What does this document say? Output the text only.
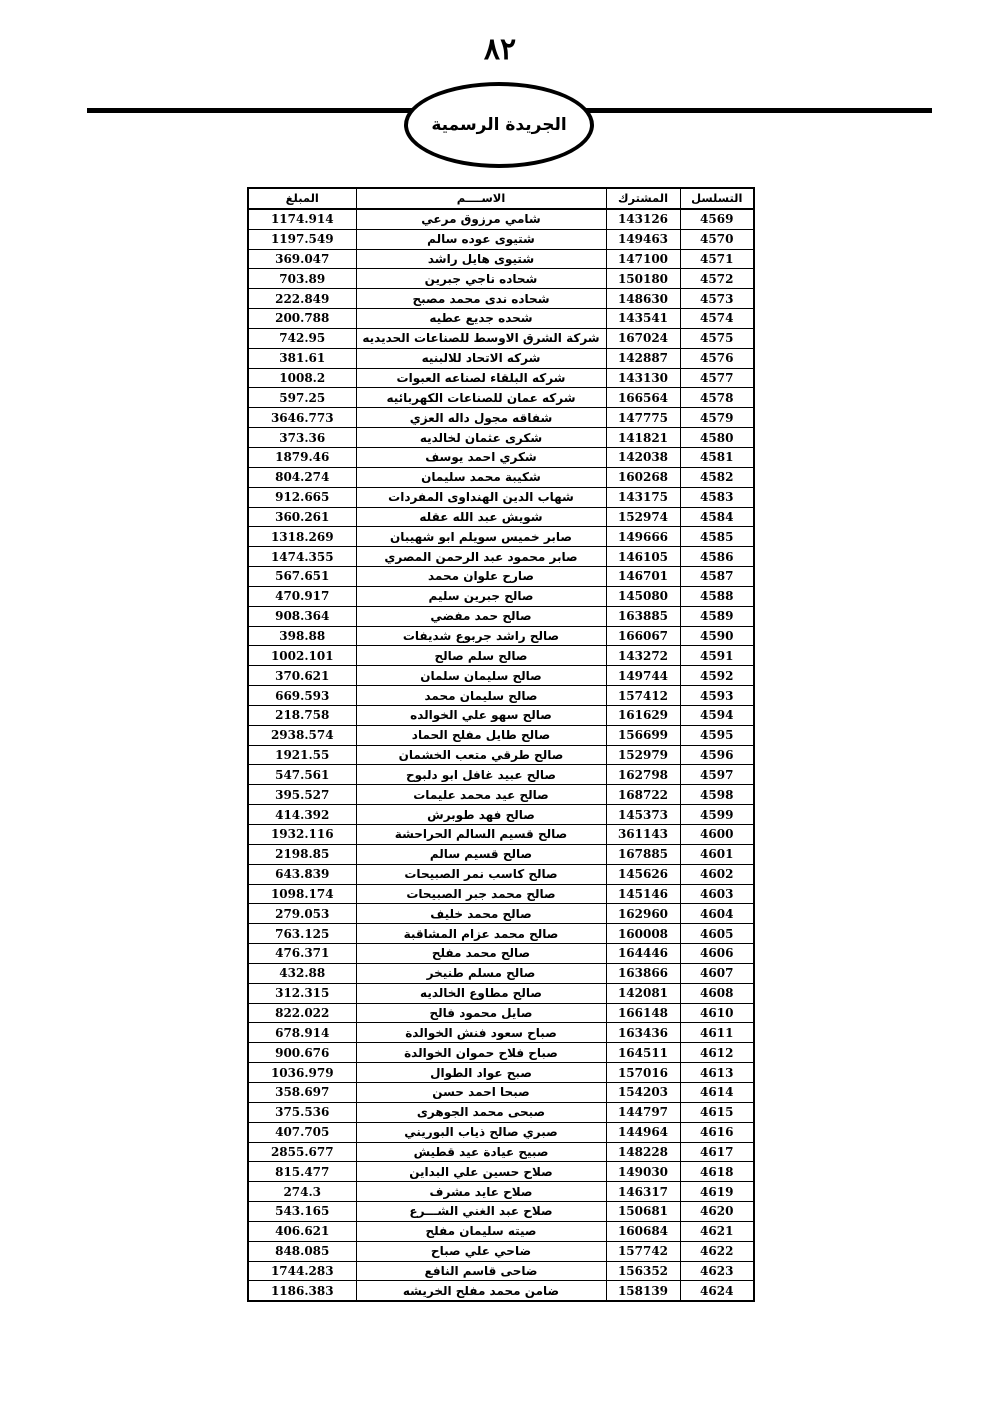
٨٢
الجريدة الرسمية
المبلغ	الاســــم	المشترك	التسلسل
1174.914	شامي مرزوق مرعي	143126	4569
1197.549	شتيوى عوده سالم	149463	4570
369.047	شتيوى هايل راشد	147100	4571
703.89	شحاده ناجي جبرين	150180	4572
222.849	شحاده ندى محمد مصبح	148630	4573
200.788	شحده جديع عطيه	143541	4574
742.95	شركة الشرق الاوسط للصناعات الحديديه	167024	4575
381.61	شركه الاتحاد للالبنيه	142887	4576
1008.2	شركه البلقاء لصناعه العبوات	143130	4577
597.25	شركه عمان للصناعات الكهربائيه	166564	4578
3646.773	شفاقه مجول داله العزي	147775	4579
373.36	شكرى عثمان لخالديه	141821	4580
1879.46	شكري احمد يوسف	142038	4581
804.274	شكيبة محمد سليمان	160268	4582
912.665	شهاب الدين الهنداوى المفردات	143175	4583
360.261	شويش عبد الله عقله	152974	4584
1318.269	صابر خميس سويلم ابو شهيبان	149666	4585
1474.355	صابر محمود عبد الرحمن المصري	146105	4586
567.651	صارح علوان محمد	146701	4587
470.917	صالح جبرين سليم	145080	4588
908.364	صالح حمد مفضي	163885	4589
398.88	صالح راشد جربوع شديفات	166067	4590
1002.101	صالح سلم صالح	143272	4591
370.621	صالح سليمان سلمان	149744	4592
669.593	صالح سليمان محمد	157412	4593
218.758	صالح سهو علي الخوالده	161629	4594
2938.574	صالح طايل مفلح الحماد	156699	4595
1921.55	صالح طرقي متعب الخشمان	152979	4596
547.561	صالح عبيد غافل ابو دلبوح	162798	4597
395.527	صالح عيد محمد عليمات	168722	4598
414.392	صالح فهد طوبرش	145373	4599
1932.116	صالح قسيم السالم الحراحشة	361143	4600
2198.85	صالح قسيم سالم	167885	4601
643.839	صالح كاسب نمر الصبيحات	145626	4602
1098.174	صالح محمد جبر الصبيحات	145146	4603
279.053	صالح محمد خليف	162960	4604
763.125	صالح محمد عزام المشاقبة	160008	4605
476.371	صالح محمد مفلح	164446	4606
432.88	صالح مسلم طنيخر	163866	4607
312.315	صالح مطاوع الخالديه	142081	4608
822.022	صايل محمود فالح	166148	4610
678.914	صباح سعود فنش الخوالدة	163436	4611
900.676	صباح فلاح حموان الخوالدة	164511	4612
1036.979	صبح عواد الطوال	157016	4613
358.697	صبحا احمد حسن	154203	4614
375.536	صبحى محمد الجوهرى	144797	4615
407.705	صبري صالح ذياب البوريني	144964	4616
2855.677	صبيح عيادة عيد قطيش	148228	4617
815.477	صلاح حسين علي البداين	149030	4618
274.3	صلاح عايد مشرف	146317	4619
543.165	صلاح عبد الغني الشـــرع	150681	4620
406.621	صيته سليمان مفلح	160684	4621
848.085	ضاحي علي صباح	157742	4622
1744.283	ضاحى قاسم النافع	156352	4623
1186.383	ضامن محمد مفلح الخريشه	158139	4624
